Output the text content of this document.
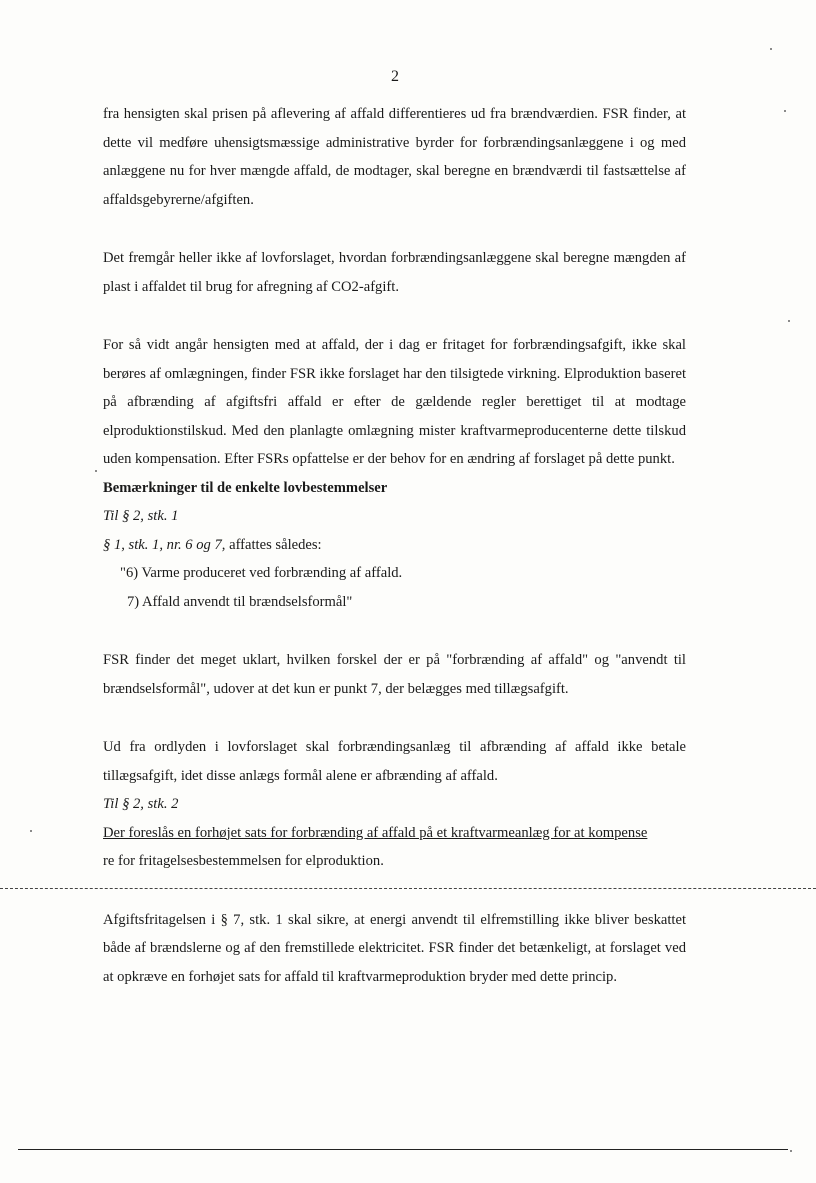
2

fra hensigten skal prisen på aflevering af affald differentieres ud fra brændværdien. FSR finder, at dette vil medføre uhensigtsmæssige administrative byrder for forbrændingsanlæggene i og med anlæggene nu for hver mængde affald, de modtager, skal beregne en brændværdi til fastsættelse af affaldsgebyrerne/afgiften.

Det fremgår heller ikke af lovforslaget, hvordan forbrændingsanlæggene skal beregne mængden af plast i affaldet til brug for afregning af CO2-afgift.

For så vidt angår hensigten med at affald, der i dag er fritaget for forbrændingsafgift, ikke skal berøres af omlægningen, finder FSR ikke forslaget har den tilsigtede virkning. Elproduktion baseret på afbrænding af afgiftsfri affald er efter de gældende regler berettiget til at modtage elproduktionstilskud. Med den planlagte omlægning mister kraftvarmeproducenterne dette tilskud uden kompensation. Efter FSRs opfattelse er der behov for en ændring af forslaget på dette punkt.

Bemærkninger til de enkelte lovbestemmelser

Til § 2, stk. 1

§ 1, stk. 1, nr. 6 og 7, affattes således:

"6) Varme produceret ved forbrænding af affald.

7) Affald anvendt til brændselsformål"

FSR finder det meget uklart, hvilken forskel der er på "forbrænding af affald" og "anvendt til brændselsformål", udover at det kun er punkt 7, der belægges med tillægsafgift.

Ud fra ordlyden i lovforslaget skal forbrændingsanlæg til afbrænding af affald ikke betale tillægsafgift, idet disse anlægs formål alene er afbrænding af affald.

Til § 2, stk. 2

Der foreslås en forhøjet sats for forbrænding af affald på et kraftvarmeanlæg for at kompense
re for fritagelsesbestemmelsen for elproduktion.

Afgiftsfritagelsen i § 7, stk. 1 skal sikre, at energi anvendt til elfremstilling ikke bliver beskattet både af brændslerne og af den fremstillede elektricitet. FSR finder det betænkeligt, at forslaget ved at opkræve en forhøjet sats for affald til kraftvarmeproduktion bryder med dette princip.
